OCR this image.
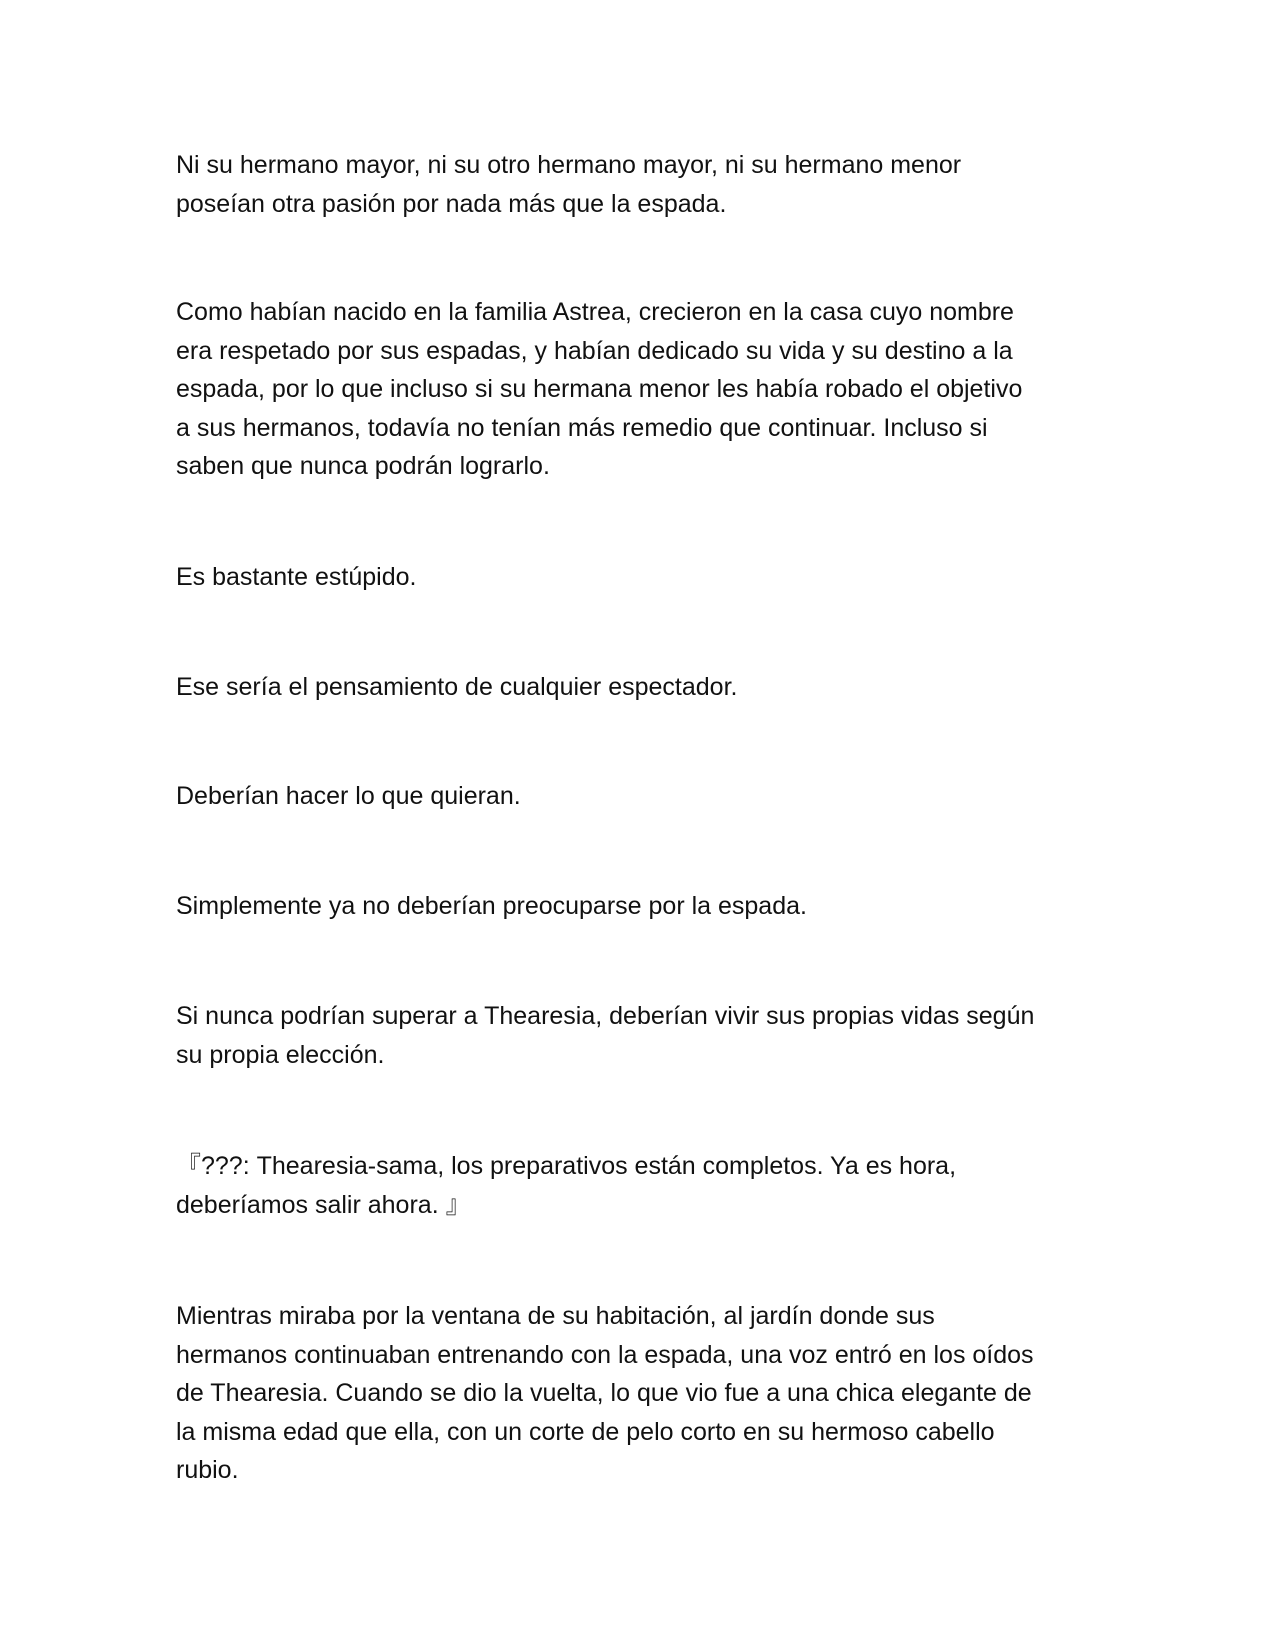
Ni su hermano mayor, ni su otro hermano mayor, ni su hermano menor
poseían otra pasión por nada más que la espada.

Como habían nacido en la familia Astrea, crecieron en la casa cuyo nombre
era respetado por sus espadas, y habían dedicado su vida y su destino a la
espada, por lo que incluso si su hermana menor les había robado el objetivo
a sus hermanos, todavía no tenían más remedio que continuar. Incluso si
saben que nunca podrán lograrlo.

Es bastante estúpido.

Ese sería el pensamiento de cualquier espectador.

Deberían hacer lo que quieran.

Simplemente ya no deberían preocuparse por la espada.

Si nunca podrían superar a Thearesia, deberían vivir sus propias vidas según
su propia elección.

『???: Thearesia-sama, los preparativos están completos. Ya es hora,
deberíamos salir ahora. 』

Mientras miraba por la ventana de su habitación, al jardín donde sus
hermanos continuaban entrenando con la espada, una voz entró en los oídos
de Thearesia. Cuando se dio la vuelta, lo que vio fue a una chica elegante de
la misma edad que ella, con un corte de pelo corto en su hermoso cabello
rubio.
